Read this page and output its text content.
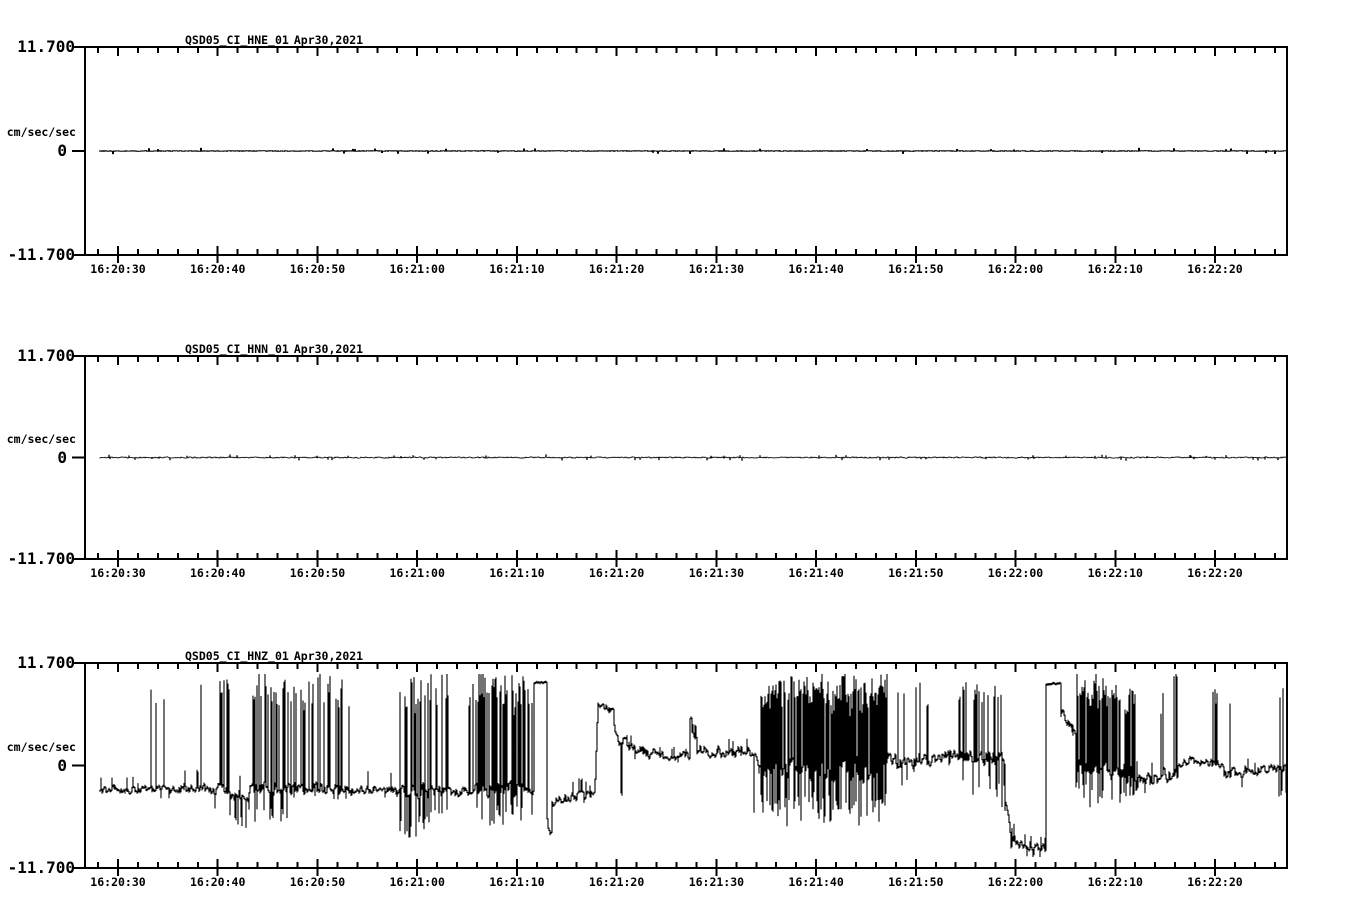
QSD05_CI_HNE_01 Apr30,2021
11.700
cm/sec/sec
0
-11.700
16:20:30	16:20:40	16:20:50	16:21:00	16:21:10	16:21:20	16:21:30	16:21:40	16:21:50	16:22:00	16:22:10	16:22:20
QSD05_CI_HNN_01 Apr30,2021
11.700
cm/sec/sec
0
-11.700
16:20:30	16:20:40	16:20:50	16:21:00	16:21:10	16:21:20	16:21:30	16:21:40	16:21:50	16:22:00	16:22:10	16:22:20
QSD05_CI_HNZ_01 Apr30,2021
11.700
cm/sec/sec
0
-11.700
16:20:30	16:20:40	16:20:50	16:21:00	16:21:10	16:21:20	16:21:30	16:21:40	16:21:50	16:22:00	16:22:10	16:22:20
